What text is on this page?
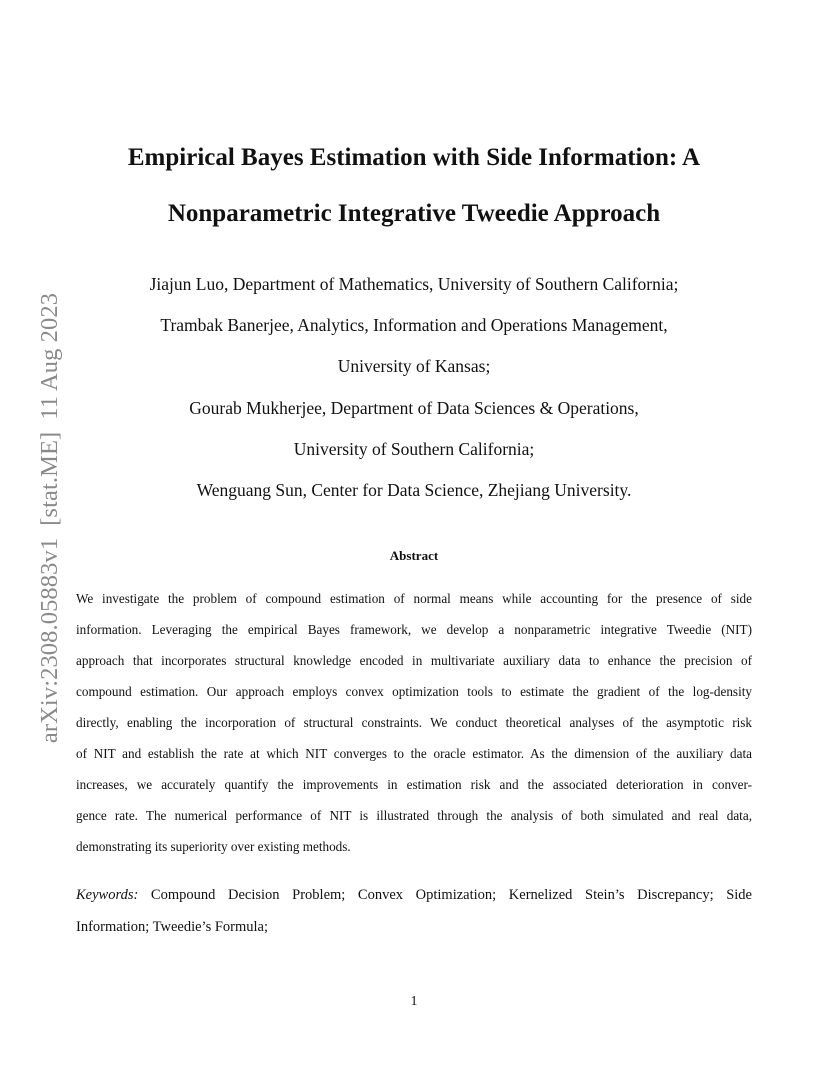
arXiv:2308.05883v1[stat.ME]11 Aug 2023
Empirical Bayes Estimation with Side Information: A
Nonparametric Integrative Tweedie Approach
Jiajun Luo, Department of Mathematics, University of Southern California;
Trambak Banerjee, Analytics, Information and Operations Management,
University of Kansas;
Gourab Mukherjee, Department of Data Sciences & Operations,
University of Southern California;
Wenguang Sun, Center for Data Science, Zhejiang University.
Abstract
We investigate the problem of compound estimation of normal means while accounting for the presence of side
information. Leveraging the empirical Bayes framework, we develop a nonparametric integrative Tweedie (NIT)
approach that incorporates structural knowledge encoded in multivariate auxiliary data to enhance the precision of
compound estimation. Our approach employs convex optimization tools to estimate the gradient of the log-density
directly, enabling the incorporation of structural constraints. We conduct theoretical analyses of the asymptotic risk
of NIT and establish the rate at which NIT converges to the oracle estimator. As the dimension of the auxiliary data
increases, we accurately quantify the improvements in estimation risk and the associated deterioration in conver-
gence rate. The numerical performance of NIT is illustrated through the analysis of both simulated and real data,
demonstrating its superiority over existing methods.
Keywords: Compound Decision Problem; Convex Optimization; Kernelized Stein’s Discrepancy; Side
Information; Tweedie’s Formula;
1
